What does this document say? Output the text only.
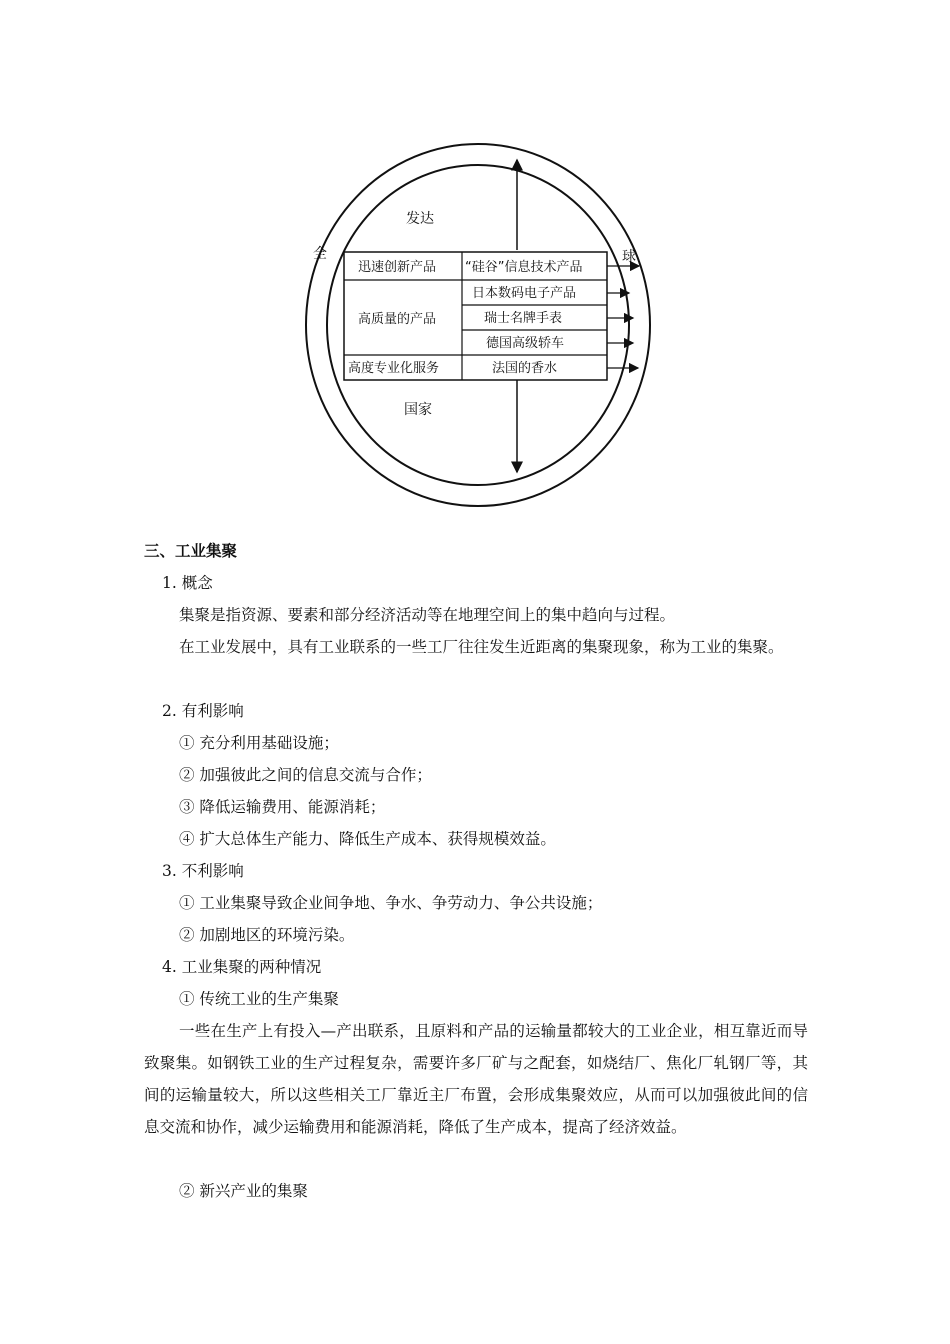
发达
国家
全	球
迅速创新产品 “硅谷”信息技术产品
高质量的产品
日本数码电子产品
瑞士名牌手表
德国高级轿车
高度专业化服务	法国的香水
三、工业集聚
1. 概念
集聚是指资源、要素和部分经济活动等在地理空间上的集中趋向与过程。
在工业发展中，具有工业联系的一些工厂往往发生近距离的集聚现象，称为工业的集聚。
2. 有利影响
① 充分利用基础设施；
② 加强彼此之间的信息交流与合作；
③ 降低运输费用、能源消耗；
④ 扩大总体生产能力、降低生产成本、获得规模效益。
3. 不利影响
① 工业集聚导致企业间争地、争水、争劳动力、争公共设施；
② 加剧地区的环境污染。
4. 工业集聚的两种情况
① 传统工业的生产集聚
一些在生产上有投入—产出联系，且原料和产品的运输量都较大的工业企业，相互靠近而导致聚集。如钢铁工业的生产过程复杂，需要许多厂矿与之配套，如烧结厂、焦化厂轧钢厂等，其间的运输量较大，所以这些相关工厂靠近主厂布置，会形成集聚效应，从而可以加强彼此间的信息交流和协作，减少运输费用和能源消耗，降低了生产成本，提高了经济效益。
② 新兴产业的集聚
